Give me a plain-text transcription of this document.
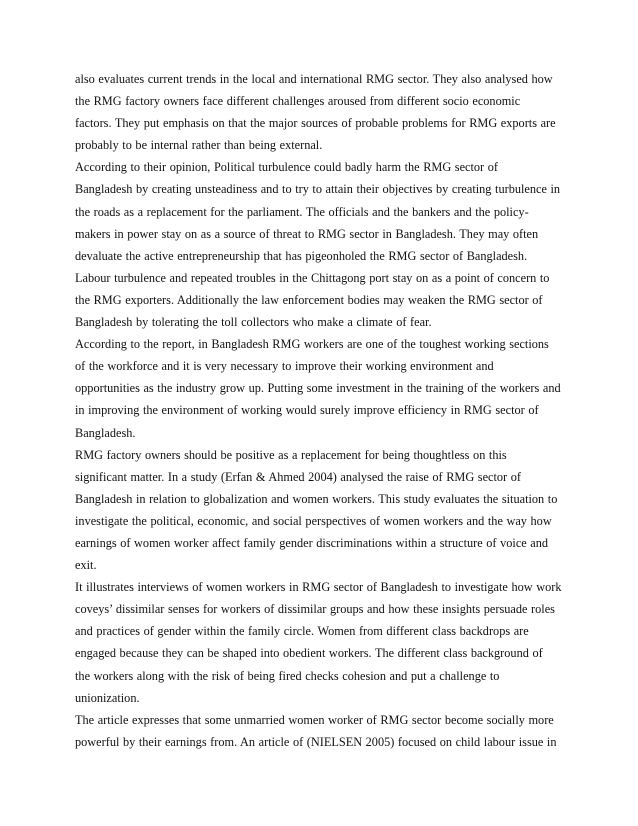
also evaluates current trends in the local and international RMG sector. They also analysed how
the RMG factory owners face different challenges aroused from different socio economic
factors. They put emphasis on that the major sources of probable problems for RMG exports are
probably to be internal rather than being external.
According to their opinion, Political turbulence could badly harm the RMG sector of
Bangladesh by creating unsteadiness and to try to attain their objectives by creating turbulence in
the roads as a replacement for the parliament. The officials and the bankers and the policy-
makers in power stay on as a source of threat to RMG sector in Bangladesh. They may often
devaluate the active entrepreneurship that has pigeonholed the RMG sector of Bangladesh.
Labour turbulence and repeated troubles in the Chittagong port stay on as a point of concern to
the RMG exporters. Additionally the law enforcement bodies may weaken the RMG sector of
Bangladesh by tolerating the toll collectors who make a climate of fear.
According to the report, in Bangladesh RMG workers are one of the toughest working sections
of the workforce and it is very necessary to improve their working environment and
opportunities as the industry grow up. Putting some investment in the training of the workers and
in improving the environment of working would surely improve efficiency in RMG sector of
Bangladesh.
RMG factory owners should be positive as a replacement for being thoughtless on this
significant matter. In a study (Erfan & Ahmed 2004) analysed the raise of RMG sector of
Bangladesh in relation to globalization and women workers. This study evaluates the situation to
investigate the political, economic, and social perspectives of women workers and the way how
earnings of women worker affect family gender discriminations within a structure of voice and
exit.
It illustrates interviews of women workers in RMG sector of Bangladesh to investigate how work
coveys’ dissimilar senses for workers of dissimilar groups and how these insights persuade roles
and practices of gender within the family circle. Women from different class backdrops are
engaged because they can be shaped into obedient workers. The different class background of
the workers along with the risk of being fired checks cohesion and put a challenge to
unionization.
The article expresses that some unmarried women worker of RMG sector become socially more
powerful by their earnings from. An article of (NIELSEN 2005) focused on child labour issue in
